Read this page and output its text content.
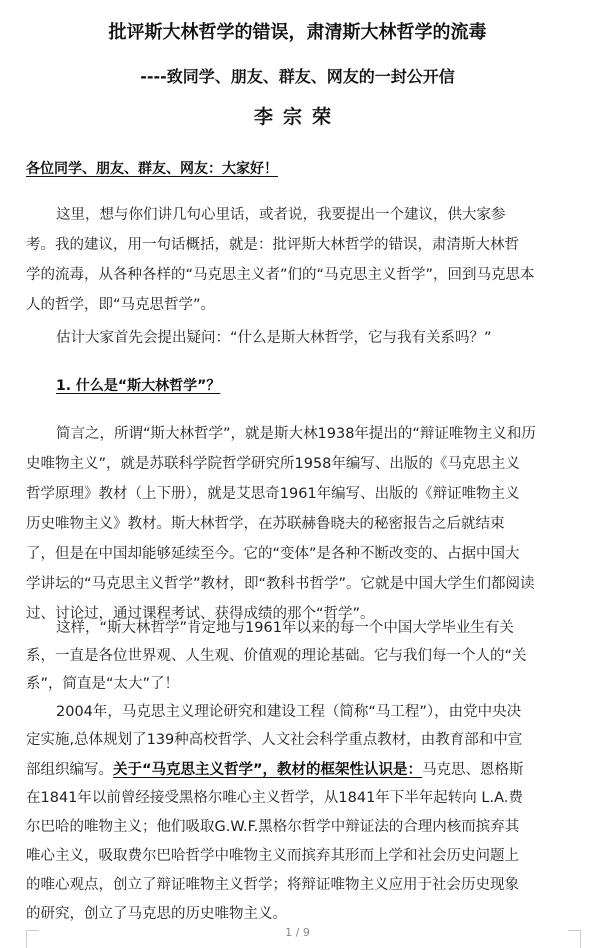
批评斯大林哲学的错误，肃清斯大林哲学的流毒
----致同学、朋友、群友、网友的一封公开信
李宗荣
各位同学、朋友、群友、网友：大家好！
这里，想与你们讲几句心里话，或者说，我要提出一个建议，供大家参
考。我的建议，用一句话概括，就是：批评斯大林哲学的错误，肃清斯大林哲
学的流毒，从各种各样的“马克思主义者”们的“马克思主义哲学”，回到马克思本
人的哲学，即“马克思哲学”。
估计大家首先会提出疑问：“什么是斯大林哲学，它与我有关系吗？”
1. 什么是“斯大林哲学”？
简言之，所谓“斯大林哲学”，就是斯大林1938年提出的“辩证唯物主义和历
史唯物主义”，就是苏联科学院哲学研究所1958年编写、出版的《马克思主义
哲学原理》教材（上下册），就是艾思奇1961年编写、出版的《辩证唯物主义
历史唯物主义》教材。斯大林哲学，在苏联赫鲁晓夫的秘密报告之后就结束
了，但是在中国却能够延续至今。它的“变体”是各种不断改变的、占据中国大
学讲坛的“马克思主义哲学”教材，即“教科书哲学”。它就是中国大学生们都阅读
过、讨论过，通过课程考试、获得成绩的那个“哲学”。
这样，“斯大林哲学”肯定地与1961年以来的每一个中国大学毕业生有关
系，一直是各位世界观、人生观、价值观的理论基础。它与我们每一个人的“关
系”，简直是“太大”了！
2004年，马克思主义理论研究和建设工程（简称“马工程”），由党中央决
定实施,总体规划了139种高校哲学、人文社会科学重点教材，由教育部和中宣
部组织编写。关于“马克思主义哲学”，教材的框架性认识是：马克思、恩格斯
在1841年以前曾经接受黑格尔唯心主义哲学，从1841年下半年起转向 L.A.费
尔巴哈的唯物主义；他们吸取G.W.F.黑格尔哲学中辩证法的合理内核而摈弃其
唯心主义，吸取费尔巴哈哲学中唯物主义而摈弃其形而上学和社会历史问题上
的唯心观点，创立了辩证唯物主义哲学；将辩证唯物主义应用于社会历史现象
的研究，创立了马克思的历史唯物主义。
1 / 9
